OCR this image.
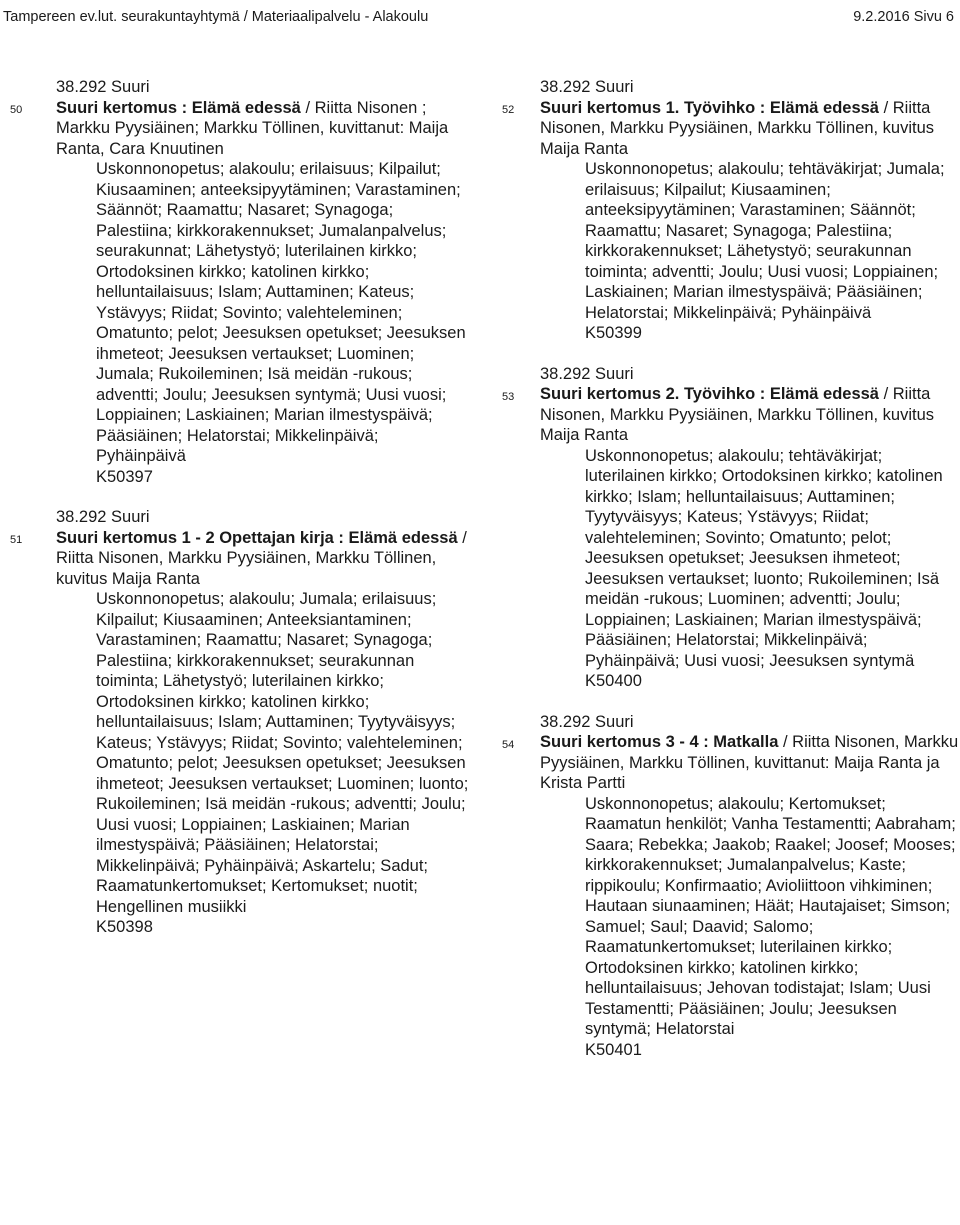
Tampereen ev.lut. seurakuntayhtymä / Materiaalipalvelu - Alakoulu	9.2.2016 Sivu 6
50
38.292 Suuri
Suuri kertomus : Elämä edessä / Riitta Nisonen ; Markku Pyysiäinen; Markku Töllinen, kuvittanut: Maija Ranta, Cara Knuutinen
Uskonnonopetus; alakoulu; erilaisuus; Kilpailut; Kiusaaminen; anteeksipyytäminen; Varastaminen; Säännöt; Raamattu; Nasaret; Synagoga; Palestiina; kirkkorakennukset; Jumalanpalvelus; seurakunnat; Lähetystyö; luterilainen kirkko; Ortodoksinen kirkko; katolinen kirkko; helluntailaisuus; Islam; Auttaminen; Kateus; Ystävyys; Riidat; Sovinto; valehteleminen; Omatunto; pelot; Jeesuksen opetukset; Jeesuksen ihmeteot; Jeesuksen vertaukset; Luominen; Jumala; Rukoileminen; Isä meidän -rukous; adventti; Joulu; Jeesuksen syntymä; Uusi vuosi; Loppiainen; Laskiainen; Marian ilmestyspäivä; Pääsiäinen; Helatorstai; Mikkelinpäivä; Pyhäinpäivä
K50397
51
38.292 Suuri
Suuri kertomus 1 - 2 Opettajan kirja : Elämä edessä / Riitta Nisonen, Markku Pyysiäinen, Markku Töllinen, kuvitus Maija Ranta
Uskonnonopetus; alakoulu; Jumala; erilaisuus; Kilpailut; Kiusaaminen; Anteeksiantaminen; Varastaminen; Raamattu; Nasaret; Synagoga; Palestiina; kirkkorakennukset; seurakunnan toiminta; Lähetystyö; luterilainen kirkko; Ortodoksinen kirkko; katolinen kirkko; helluntailaisuus; Islam; Auttaminen; Tyytyväisyys; Kateus; Ystävyys; Riidat; Sovinto; valehteleminen; Omatunto; pelot; Jeesuksen opetukset; Jeesuksen ihmeteot; Jeesuksen vertaukset; Luominen; luonto; Rukoileminen; Isä meidän -rukous; adventti; Joulu; Uusi vuosi; Loppiainen; Laskiainen; Marian ilmestyspäivä; Pääsiäinen; Helatorstai; Mikkelinpäivä; Pyhäinpäivä; Askartelu; Sadut; Raamatunkertomukset; Kertomukset; nuotit; Hengellinen musiikki
K50398
52
38.292 Suuri
Suuri kertomus 1. Työvihko : Elämä edessä / Riitta Nisonen, Markku Pyysiäinen, Markku Töllinen, kuvitus Maija Ranta
Uskonnonopetus; alakoulu; tehtäväkirjat; Jumala; erilaisuus; Kilpailut; Kiusaaminen; anteeksipyytäminen; Varastaminen; Säännöt; Raamattu; Nasaret; Synagoga; Palestiina; kirkkorakennukset; Lähetystyö; seurakunnan toiminta; adventti; Joulu; Uusi vuosi; Loppiainen; Laskiainen; Marian ilmestyspäivä; Pääsiäinen; Helatorstai; Mikkelinpäivä; Pyhäinpäivä
K50399
53
38.292 Suuri
Suuri kertomus 2. Työvihko : Elämä edessä / Riitta Nisonen, Markku Pyysiäinen, Markku Töllinen, kuvitus Maija Ranta
Uskonnonopetus; alakoulu; tehtäväkirjat; luterilainen kirkko; Ortodoksinen kirkko; katolinen kirkko; Islam; helluntailaisuus; Auttaminen; Tyytyväisyys; Kateus; Ystävyys; Riidat; valehteleminen; Sovinto; Omatunto; pelot; Jeesuksen opetukset; Jeesuksen ihmeteot; Jeesuksen vertaukset; luonto; Rukoileminen; Isä meidän -rukous; Luominen; adventti; Joulu; Loppiainen; Laskiainen; Marian ilmestyspäivä; Pääsiäinen; Helatorstai; Mikkelinpäivä; Pyhäinpäivä; Uusi vuosi; Jeesuksen syntymä
K50400
54
38.292 Suuri
Suuri kertomus 3 - 4 : Matkalla / Riitta Nisonen, Markku Pyysiäinen, Markku Töllinen, kuvittanut: Maija Ranta ja Krista Partti
Uskonnonopetus; alakoulu; Kertomukset; Raamatun henkilöt; Vanha Testamentti; Aabraham; Saara; Rebekka; Jaakob; Raakel; Joosef; Mooses; kirkkorakennukset; Jumalanpalvelus; Kaste; rippikoulu; Konfirmaatio; Avioliittoon vihkiminen; Hautaan siunaaminen; Häät; Hautajaiset; Simson; Samuel; Saul; Daavid; Salomo; Raamatunkertomukset; luterilainen kirkko; Ortodoksinen kirkko; katolinen kirkko; helluntailaisuus; Jehovan todistajat; Islam; Uusi Testamentti; Pääsiäinen; Joulu; Jeesuksen syntymä; Helatorstai
K50401
